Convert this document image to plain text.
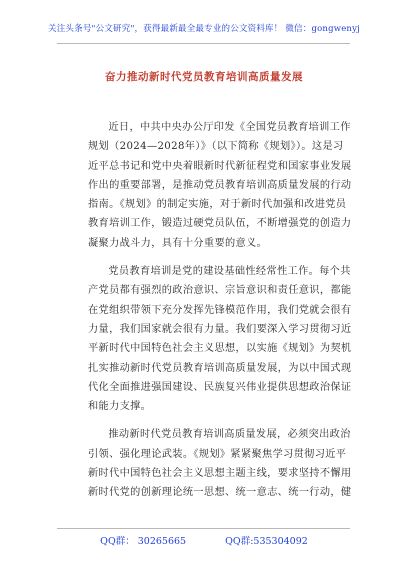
关注头条号"公文研究"，获得最新最全最专业的公文资料库！ 微信：gongwenyj
奋力推动新时代党员教育培训高质量发展
近日，中共中央办公厅印发《全国党员教育培训工作
规划（2024—2028年）》（以下简称《规划》）。这是习
近平总书记和党中央着眼新时代新征程党和国家事业发展
作出的重要部署，是推动党员教育培训高质量发展的行动
指南。《规划》的制定实施，对于新时代加强和改进党员
教育培训工作，锻造过硬党员队伍，不断增强党的创造力
凝聚力战斗力，具有十分重要的意义。
党员教育培训是党的建设基础性经常性工作。每个共
产党员都有强烈的政治意识、宗旨意识和责任意识，都能
在党组织带领下充分发挥先锋模范作用，我们党就会很有
力量，我们国家就会很有力量。我们要深入学习贯彻习近
平新时代中国特色社会主义思想，以实施《规划》为契机
扎实推动新时代党员教育培训高质量发展，为以中国式现
代化全面推进强国建设、民族复兴伟业提供思想政治保证
和能力支撑。
推动新时代党员教育培训高质量发展，必须突出政治
引领、强化理论武装。《规划》紧紧聚焦学习贯彻习近平
新时代中国特色社会主义思想主题主线，要求坚持不懈用
新时代党的创新理论统一思想、统一意志、统一行动，健
QQ群： 30265665	QQ群:535304092
